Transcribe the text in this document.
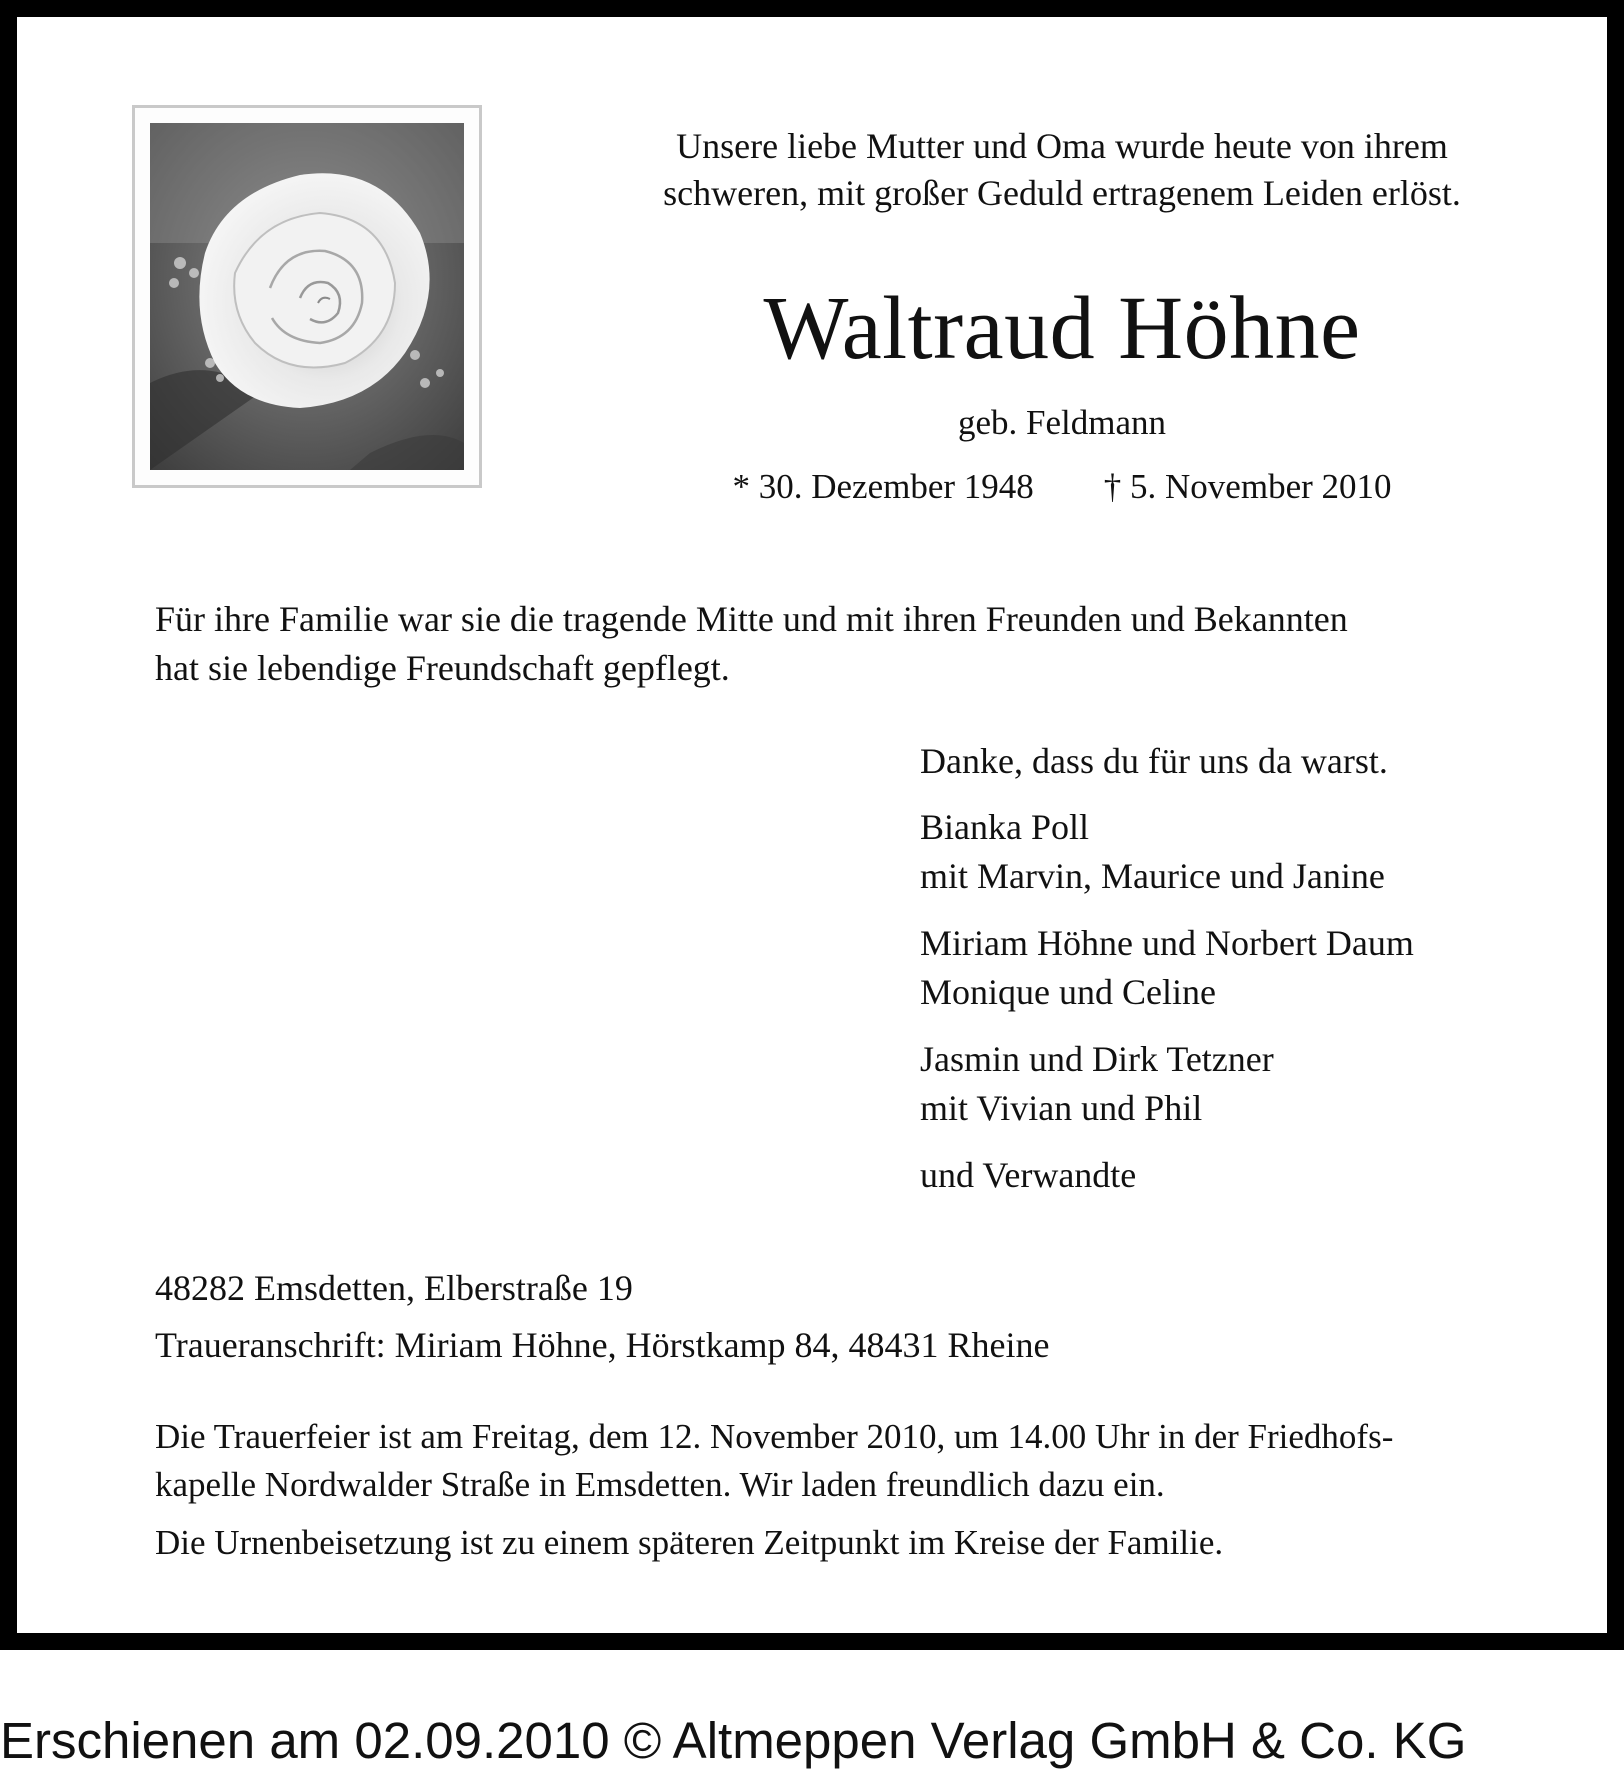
Unsere liebe Mutter und Oma wurde heute von ihrem
schweren, mit großer Geduld ertragenem Leiden erlöst.

Waltraud Höhne
geb. Feldmann
* 30. Dezember 1948 † 5. November 2010
Für ihre Familie war sie die tragende Mitte und mit ihren Freunden und Bekannten
hat sie lebendige Freundschaft gepflegt.
Danke, dass du für uns da warst.
Bianka Poll
mit Marvin, Maurice und Janine
Miriam Höhne und Norbert Daum
Monique und Celine
Jasmin und Dirk Tetzner
mit Vivian und Phil
und Verwandte
48282 Emsdetten, Elberstraße 19
Traueranschrift: Miriam Höhne, Hörstkamp 84, 48431 Rheine
Die Trauerfeier ist am Freitag, dem 12. November 2010, um 14.00 Uhr in der Friedhofs-
kapelle Nordwalder Straße in Emsdetten. Wir laden freundlich dazu ein.
Die Urnenbeisetzung ist zu einem späteren Zeitpunkt im Kreise der Familie.
Erschienen am 02.09.2010 © Altmeppen Verlag GmbH & Co. KG
